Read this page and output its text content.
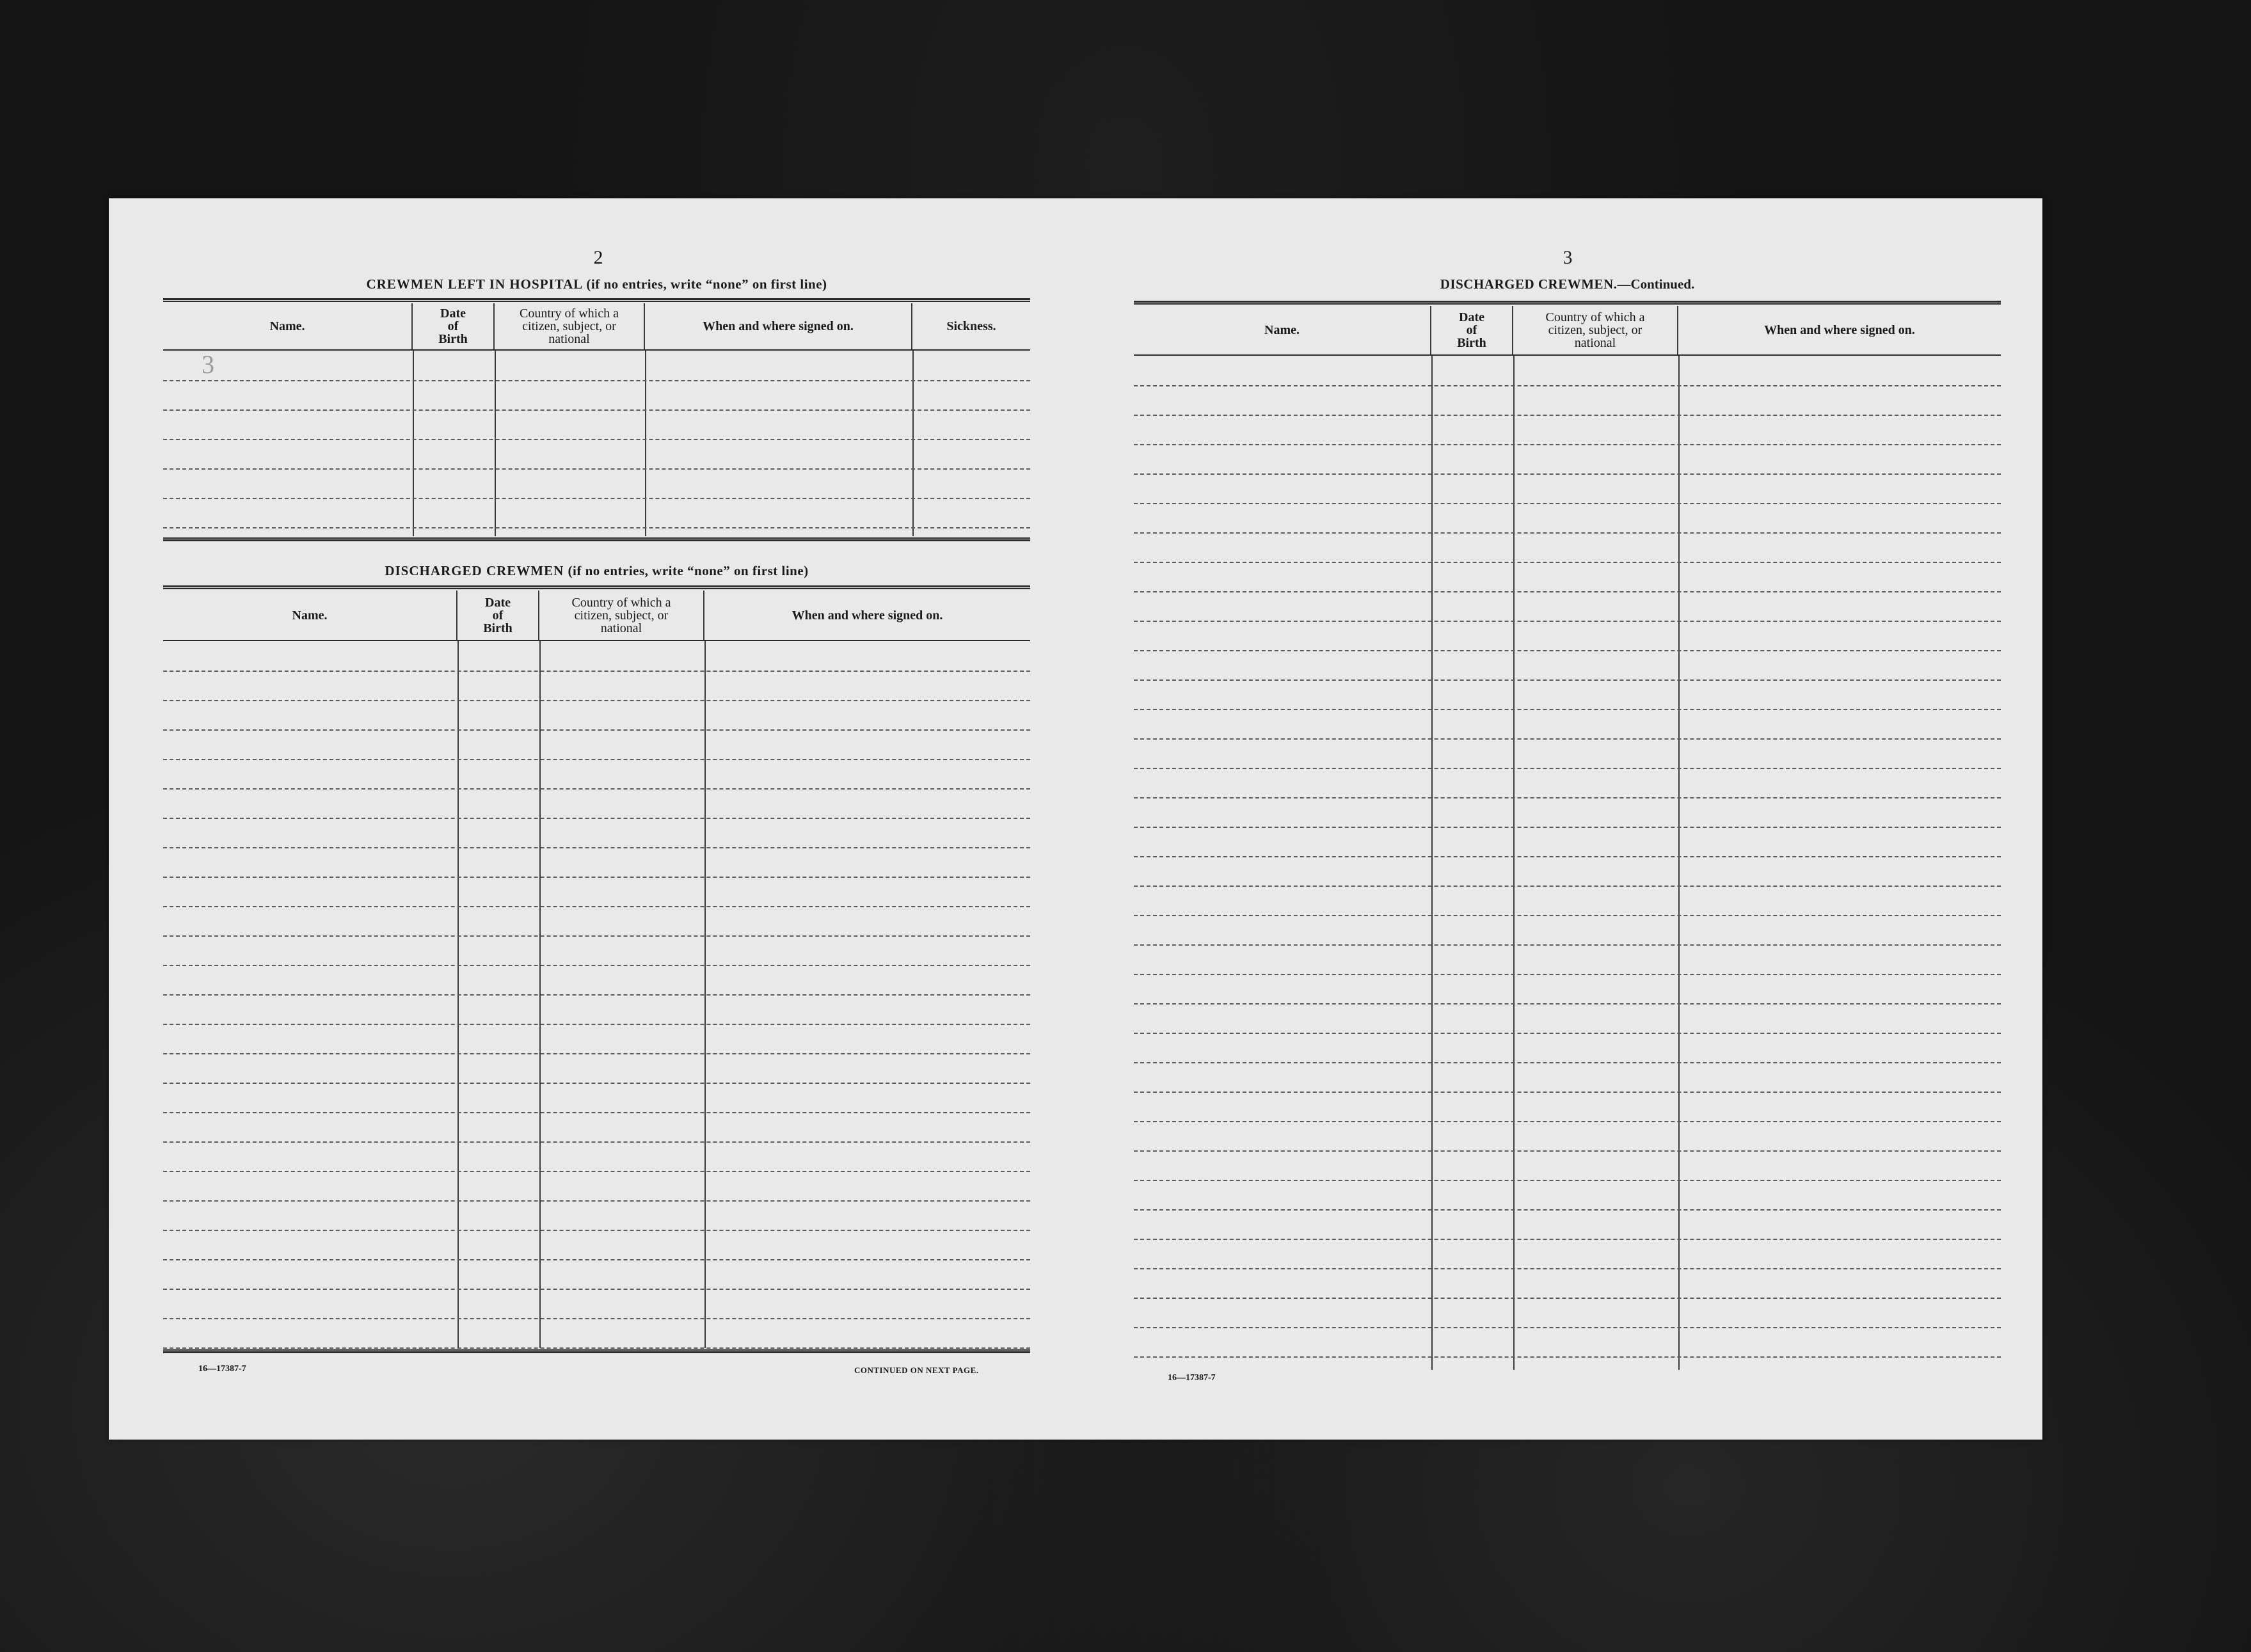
2
CREWMEN LEFT IN HOSPITAL (if no entries, write “none” on first line)
Name.
Date
of
Birth
Country of which a
citizen, subject, or
national
When and where signed on.	Sickness.
DISCHARGED CREWMEN (if no entries, write “none” on first line)
Name.
Date
of
Birth
Country of which a
citizen, subject, or
national
When and where signed on.
16—17387-7	CONTINUED ON NEXT PAGE.
3
DISCHARGED CREWMEN.—Continued.
Name.
Date
of
Birth
Country of which a
citizen, subject, or
national
When and where signed on.
16—17387-7
3
